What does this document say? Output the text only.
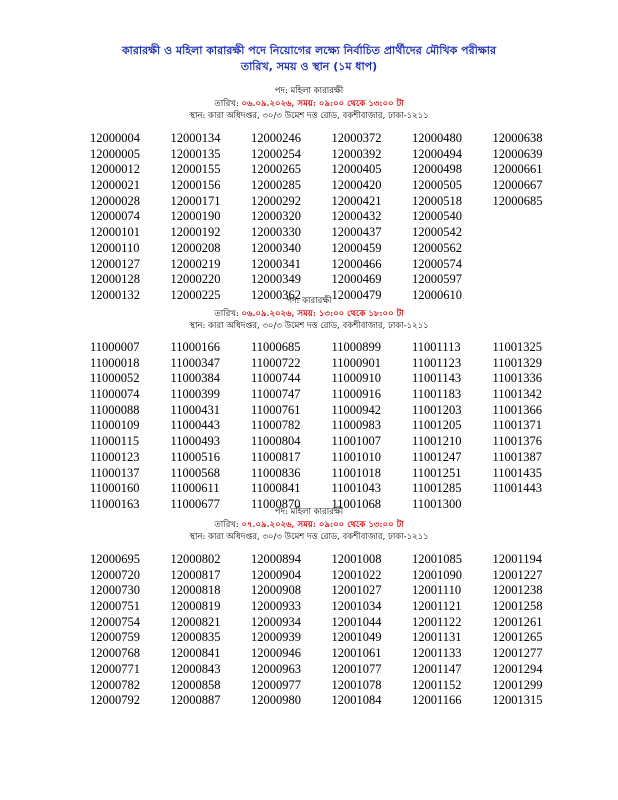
কারারক্ষী ও মহিলা কারারক্ষী পদে নিয়োগের লক্ষ্যে নির্বাচিত প্রার্থীদের মৌখিক পরীক্ষার
তারিখ, সময় ও স্থান (১ম ধাপ)
পদ: মহিলা কারারক্ষী
তারিখ: ০৬.০৯.২০২৬, সময়: ০৯:০০ থেকে ১৩:০০ টা
স্থান: কারা অধিদপ্তর, ৩০/৩ উমেশ দত্ত রোড, বকশীবাজার, ঢাকা-১২১১
12000004
12000005
12000012
12000021
12000028
12000074
12000101
12000110
12000127
12000128
12000132
12000134
12000135
12000155
12000156
12000171
12000190
12000192
12000208
12000219
12000220
12000225
12000246
12000254
12000265
12000285
12000292
12000320
12000330
12000340
12000341
12000349
12000362
12000372
12000392
12000405
12000420
12000421
12000432
12000437
12000459
12000466
12000469
12000479
12000480
12000494
12000498
12000505
12000518
12000540
12000542
12000562
12000574
12000597
12000610
12000638
12000639
12000661
12000667
12000685
পদ: কারারক্ষী
তারিখ: ০৬.০৯.২০২৬, সময়: ১৩:০০ থেকে ১৮:০০ টা
স্থান: কারা অধিদপ্তর, ৩০/৩ উমেশ দত্ত রোড, বকশীবাজার, ঢাকা-১২১১
11000007
11000018
11000052
11000074
11000088
11000109
11000115
11000123
11000137
11000160
11000163
11000166
11000347
11000384
11000399
11000431
11000443
11000493
11000516
11000568
11000611
11000677
11000685
11000722
11000744
11000747
11000761
11000782
11000804
11000817
11000836
11000841
11000870
11000899
11000901
11000910
11000916
11000942
11000983
11001007
11001010
11001018
11001043
11001068
11001113
11001123
11001143
11001183
11001203
11001205
11001210
11001247
11001251
11001285
11001300
11001325
11001329
11001336
11001342
11001366
11001371
11001376
11001387
11001435
11001443
পদ: মহিলা কারারক্ষী
তারিখ: ০৭.০৯.২০২৬, সময়: ০৯:০০ থেকে ১৩:০০ টা
স্থান: কারা অধিদপ্তর, ৩০/৩ উমেশ দত্ত রোড, বকশীবাজার, ঢাকা-১২১১
12000695
12000720
12000730
12000751
12000754
12000759
12000768
12000771
12000782
12000792
12000802
12000817
12000818
12000819
12000821
12000835
12000841
12000843
12000858
12000887
12000894
12000904
12000908
12000933
12000934
12000939
12000946
12000963
12000977
12000980
12001008
12001022
12001027
12001034
12001044
12001049
12001061
12001077
12001078
12001084
12001085
12001090
12001110
12001121
12001122
12001131
12001133
12001147
12001152
12001166
12001194
12001227
12001238
12001258
12001261
12001265
12001277
12001294
12001299
12001315
